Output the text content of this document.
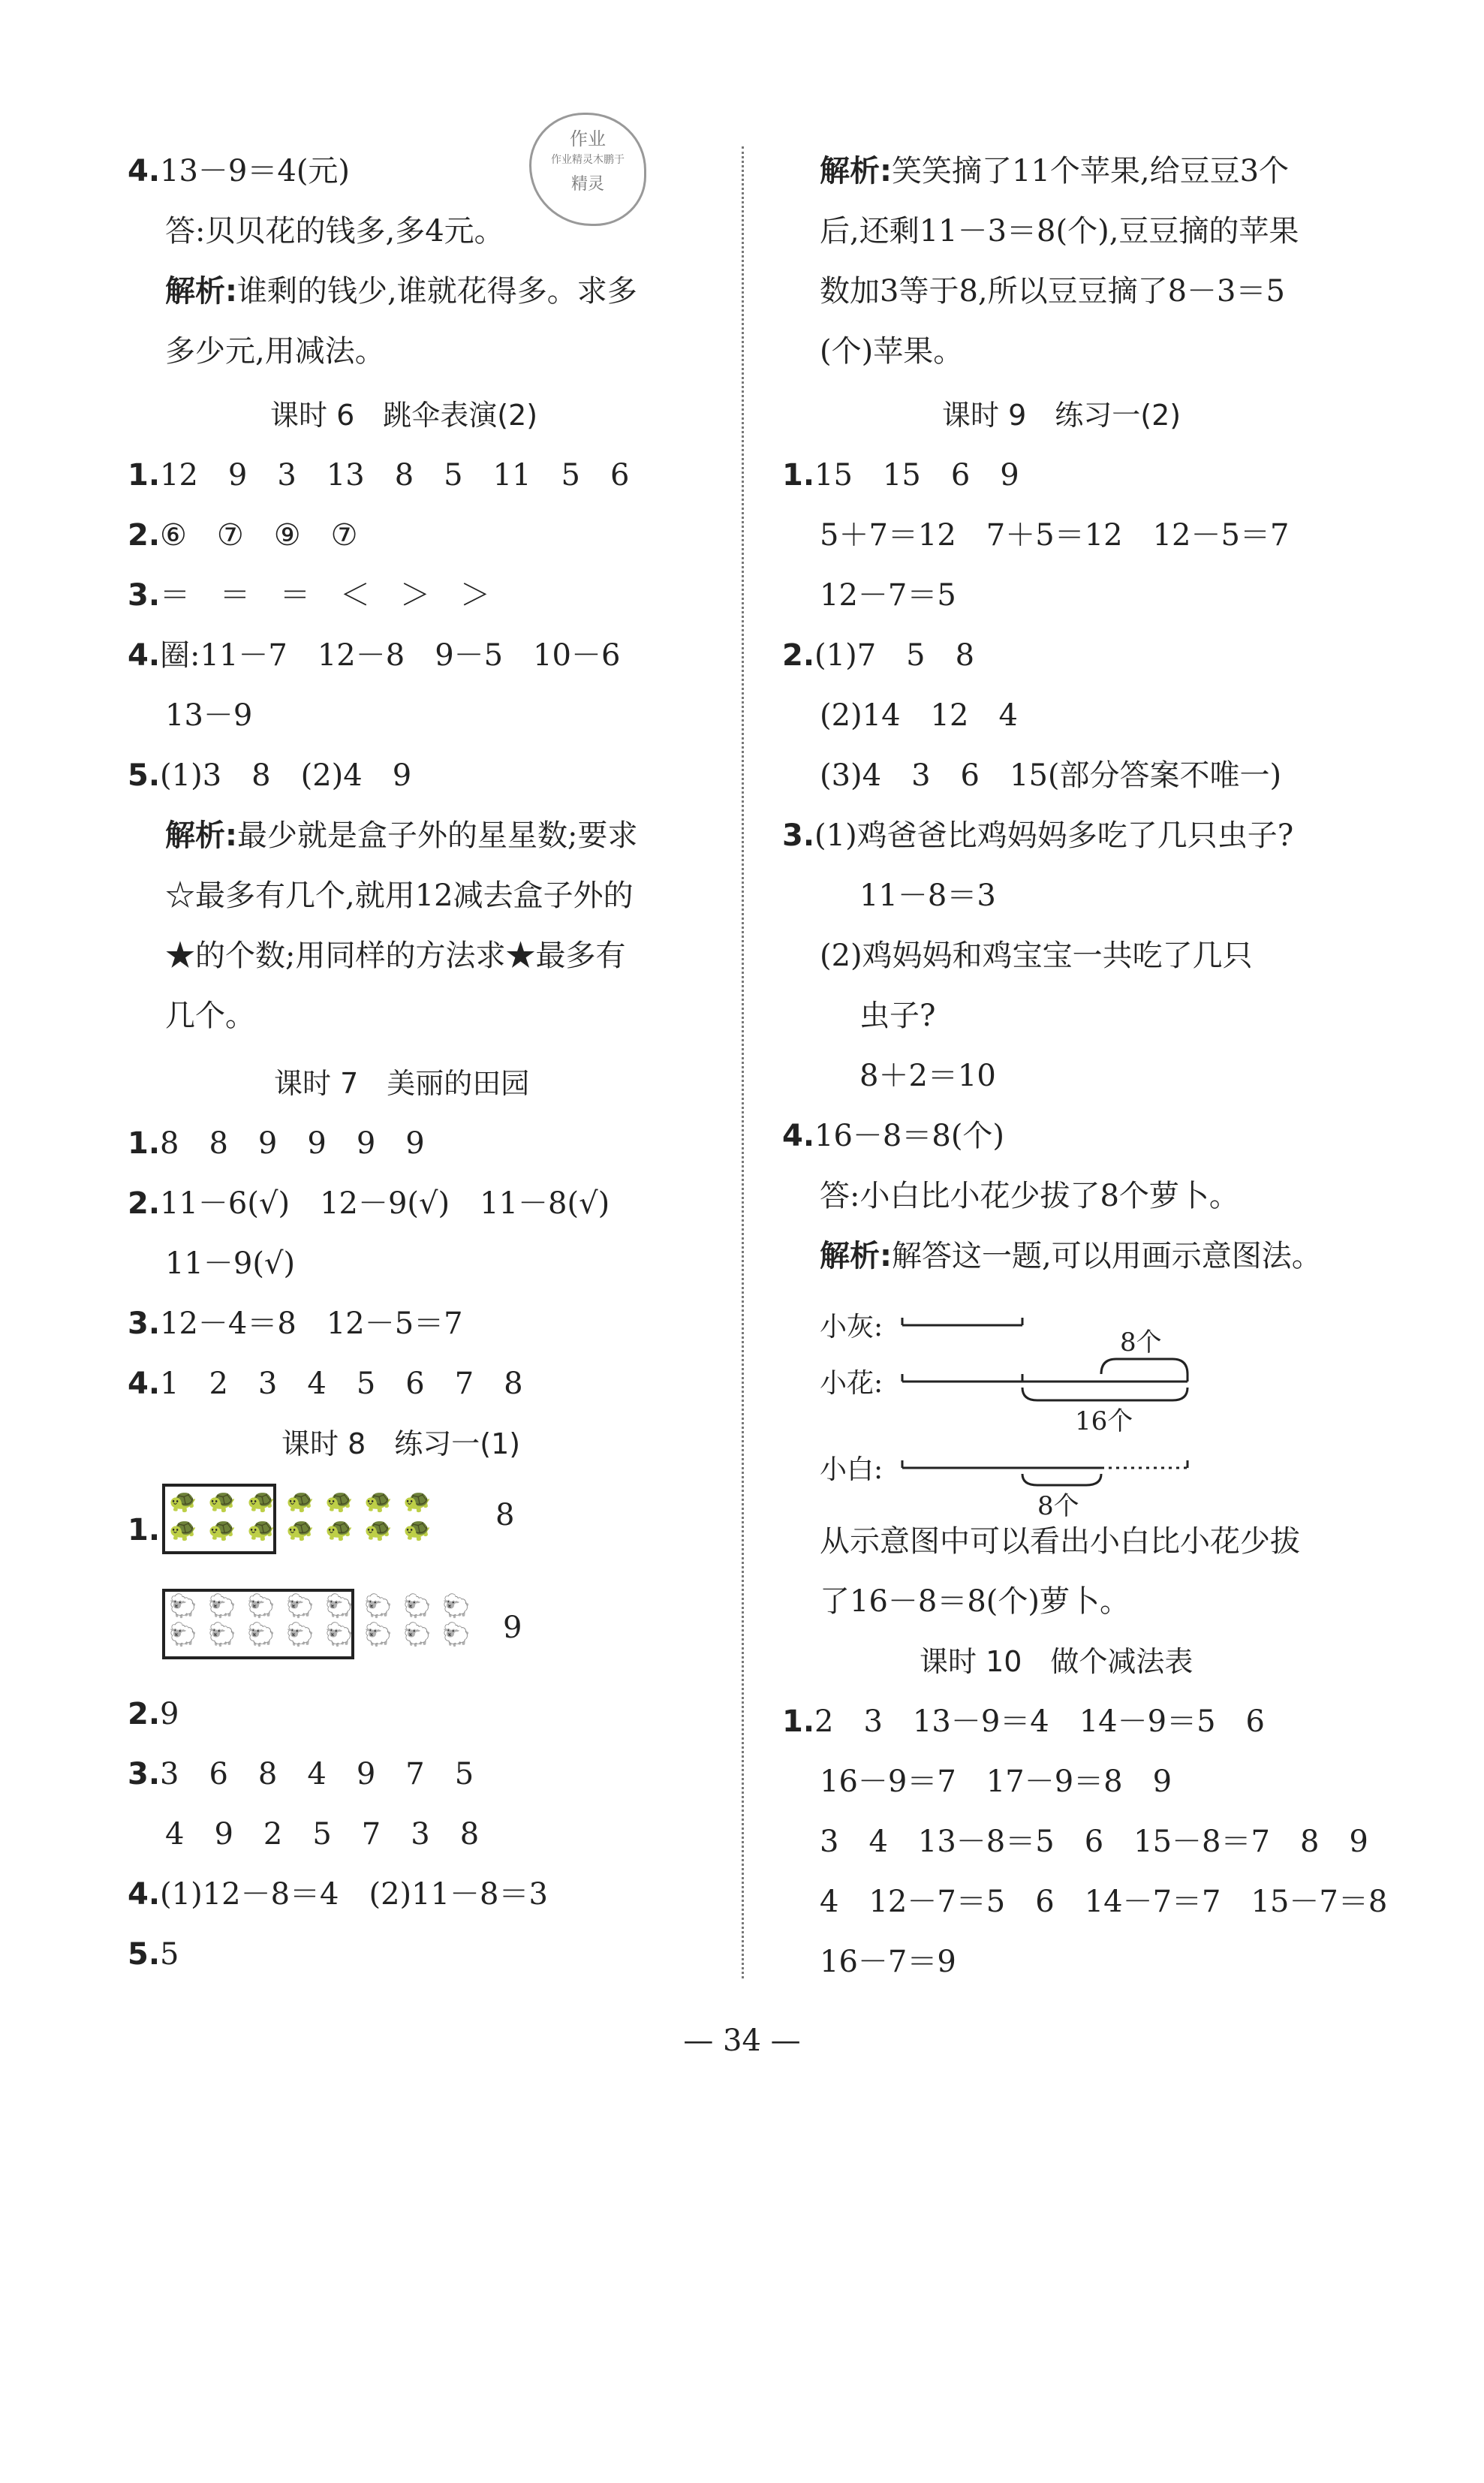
作业
作业精灵木鹏于
精灵
4.13－9＝4(元)
答:贝贝花的钱多,多4元。
解析:谁剩的钱少,谁就花得多。求多
多少元,用减法。
课时 6　跳伞表演(2)
1.12　9　3　13　8　5　11　5　6
2.⑥　⑦　⑨　⑦
3.＝　＝　＝　＜　＞　＞
4.圈:11－7　12－8　9－5　10－6
13－9
5.(1)3　8　(2)4　9
解析:最少就是盒子外的星星数;要求
☆最多有几个,就用12减去盒子外的
★的个数;用同样的方法求★最多有
几个。
课时 7　美丽的田园
1.8　8　9　9　9　9
2.11－6(√)　12－9(√)　11－8(√)
11－9(√)
3.12－4＝8　12－5＝7
4.1　2　3　4　5　6　7　8
课时 8　练习一(1)
1.
🐢 🐢 🐢 🐢 🐢 🐢 🐢
🐢 🐢 🐢 🐢 🐢 🐢 🐢 8
🐑 🐑 🐑 🐑 🐑 🐑 🐑 🐑
🐑 🐑 🐑 🐑 🐑 🐑 🐑 🐑 9
2.9
3.3　6　8　4　9　7　5
4　9　2　5　7　3　8
4.(1)12－8＝4　(2)11－8＝3
5.5
解析:笑笑摘了11个苹果,给豆豆3个
后,还剩11－3＝8(个),豆豆摘的苹果
数加3等于8,所以豆豆摘了8－3＝5
(个)苹果。
课时 9　练习一(2)
1.15　15　6　9
5＋7＝12　7＋5＝12　12－5＝7
12－7＝5
2.(1)7　5　8
(2)14　12　4
(3)4　3　6　15(部分答案不唯一)
3.(1)鸡爸爸比鸡妈妈多吃了几只虫子?
11－8＝3
(2)鸡妈妈和鸡宝宝一共吃了几只
虫子?
8＋2＝10
4.16－8＝8(个)
答:小白比小花少拔了8个萝卜。
解析:解答这一题,可以用画示意图法。
小灰:
小花:
小白:
8个
16个
8个
从示意图中可以看出小白比小花少拔
了16－8＝8(个)萝卜。
课时 10　做个减法表
1.2　3　13－9＝4　14－9＝5　6
16－9＝7　17－9＝8　9
3　4　13－8＝5　6　15－8＝7　8　9
4　12－7＝5　6　14－7＝7　15－7＝8
16－7＝9
— 34 —
